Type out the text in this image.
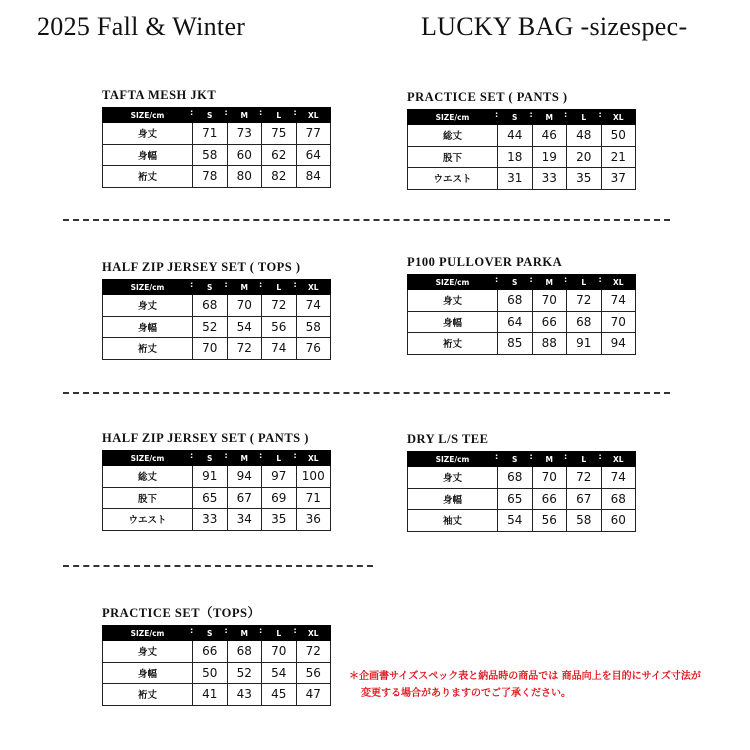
2025 Fall & Winter	LUCKY BAG -sizespec-
TAFTA MESH JKT
SIZE/cm	: S	: M	: L	: XL
身丈	71	73	75	77
身幅	58	60	62	64
裄丈	78	80	82	84
PRACTICE SET ( PANTS )
SIZE/cm	: S	: M	: L	: XL
総丈	44	46	48	50
股下	18	19	20	21
ウエスト	31	33	35	37
HALF ZIP JERSEY SET ( TOPS )
SIZE/cm	: S	: M	: L	: XL
身丈	68	70	72	74
身幅	52	54	56	58
裄丈	70	72	74	76
P100 PULLOVER PARKA
SIZE/cm	: S	: M	: L	: XL
身丈	68	70	72	74
身幅	64	66	68	70
裄丈	85	88	91	94
HALF ZIP JERSEY SET ( PANTS )
SIZE/cm	: S	: M	: L	: XL
総丈	91	94	97	100
股下	65	67	69	71
ウエスト	33	34	35	36
DRY L/S TEE
SIZE/cm	: S	: M	: L	: XL
身丈	68	70	72	74
身幅	65	66	67	68
袖丈	54	56	58	60
PRACTICE SET（TOPS）
SIZE/cm	: S	: M	: L	: XL
身丈	66	68	70	72
身幅	50	52	54	56
裄丈	41	43	45	47
＊企画書サイズスペック表と納品時の商品では 商品向上を目的にサイズ寸法が
変更する場合がありますのでご了承ください。
